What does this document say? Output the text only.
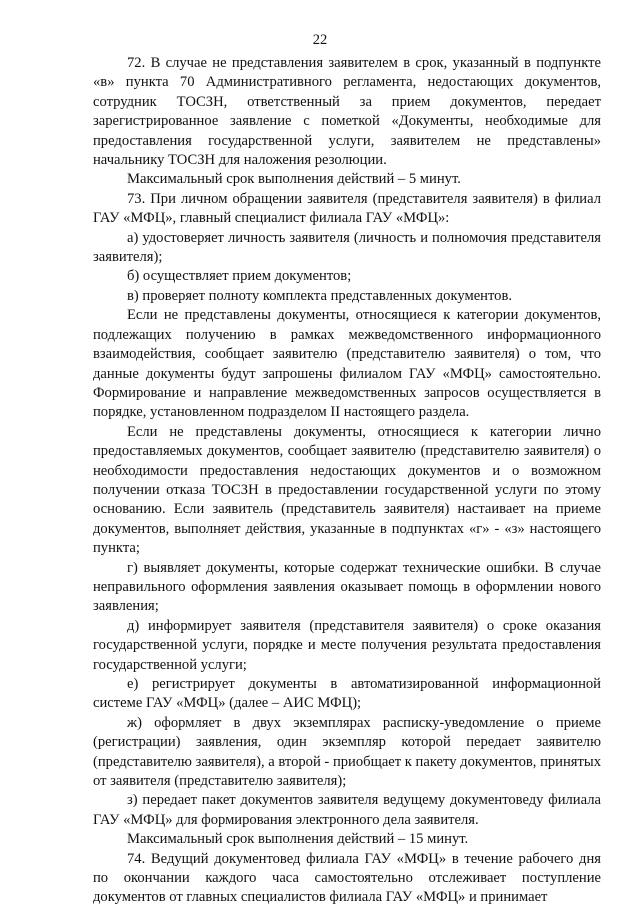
22

72. В случае не представления заявителем в срок, указанный в подпункте «в» пункта 70 Административного регламента, недостающих документов, сотрудник ТОСЗН, ответственный за прием документов, передает зарегистрированное заявление с пометкой «Документы, необходимые для предоставления государственной услуги, заявителем не представлены» начальнику ТОСЗН для наложения резолюции.

Максимальный срок выполнения действий – 5 минут.

73. При личном обращении заявителя (представителя заявителя) в филиал ГАУ «МФЦ», главный специалист филиала ГАУ «МФЦ»:

а) удостоверяет личность заявителя (личность и полномочия представителя заявителя);

б) осуществляет прием документов;

в) проверяет полноту комплекта представленных документов.

Если не представлены документы, относящиеся к категории документов, подлежащих получению в рамках межведомственного информационного взаимодействия, сообщает заявителю (представителю заявителя) о том, что данные документы будут запрошены филиалом ГАУ «МФЦ» самостоятельно. Формирование и направление межведомственных запросов осуществляется в порядке, установленном подразделом II настоящего раздела.

Если не представлены документы, относящиеся к категории лично предоставляемых документов, сообщает заявителю (представителю заявителя) о необходимости предоставления недостающих документов и о возможном получении отказа ТОСЗН в предоставлении государственной услуги по этому основанию. Если заявитель (представитель заявителя) настаивает на приеме документов, выполняет действия, указанные в подпунктах «г» - «з» настоящего пункта;

г) выявляет документы, которые содержат технические ошибки. В случае неправильного оформления заявления оказывает помощь в оформлении нового заявления;

д) информирует заявителя (представителя заявителя) о сроке оказания государственной услуги, порядке и месте получения результата предоставления государственной услуги;

е) регистрирует документы в автоматизированной информационной системе ГАУ «МФЦ» (далее – АИС МФЦ);

ж) оформляет в двух экземплярах расписку-уведомление о приеме (регистрации) заявления, один экземпляр которой передает заявителю (представителю заявителя), а второй - приобщает к пакету документов, принятых от заявителя (представителю заявителя);

з) передает пакет документов заявителя ведущему документоведу филиала ГАУ «МФЦ» для формирования электронного дела заявителя.

Максимальный срок выполнения действий – 15 минут.

74. Ведущий документовед филиала ГАУ «МФЦ» в течение рабочего дня по окончании каждого часа самостоятельно отслеживает поступление документов от главных специалистов филиала ГАУ «МФЦ» и принимает
